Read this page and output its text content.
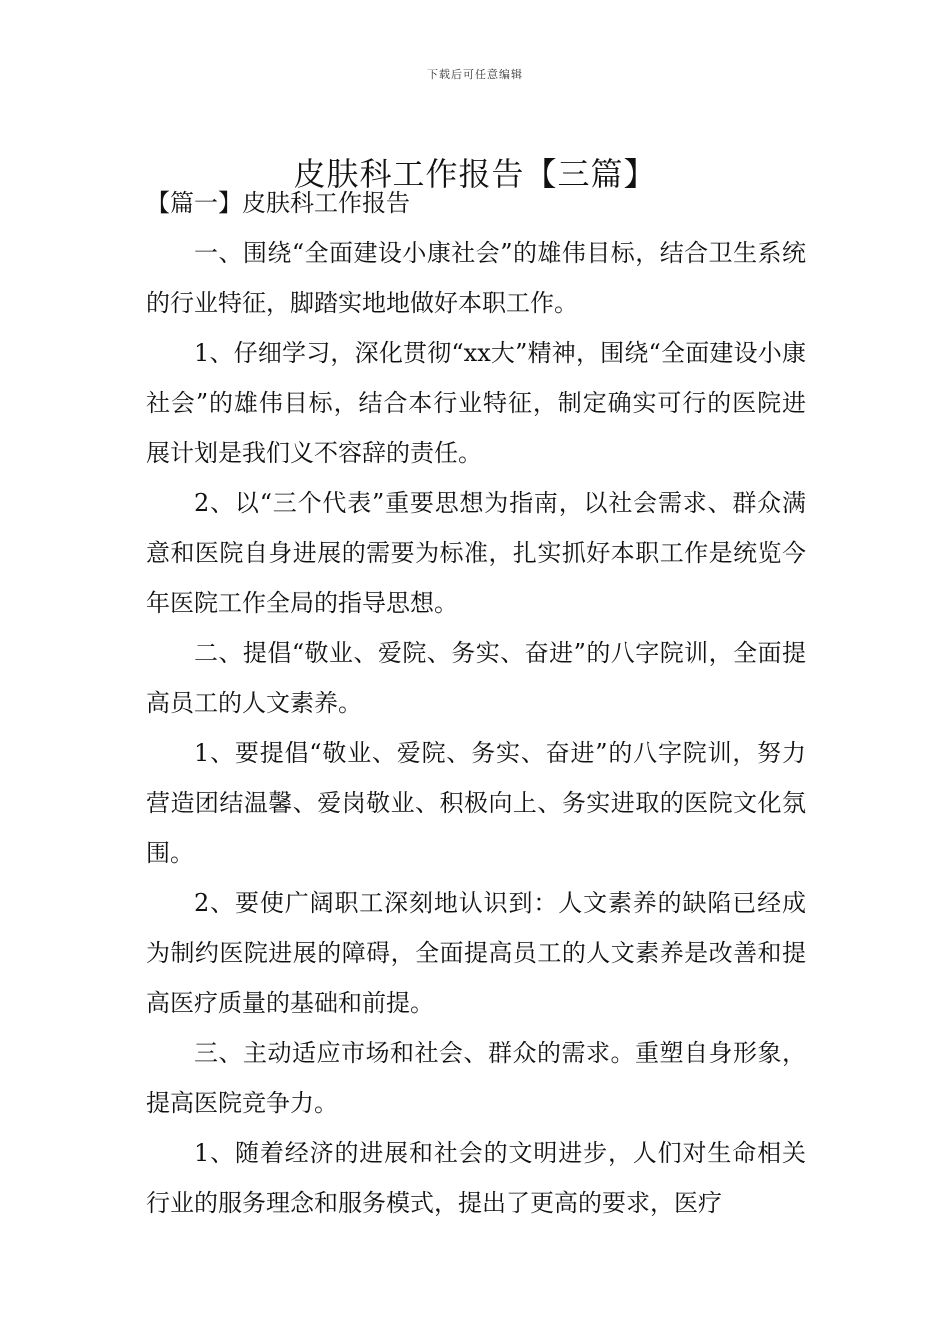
下载后可任意编辑
皮肤科工作报告【三篇】

【篇一】皮肤科工作报告

一、围绕“全面建设小康社会”的雄伟目标，结合卫生系统的行业特征，脚踏实地地做好本职工作。

1、仔细学习，深化贯彻“xx大”精神，围绕“全面建设小康社会”的雄伟目标，结合本行业特征，制定确实可行的医院进展计划是我们义不容辞的责任。

2、以“三个代表”重要思想为指南，以社会需求、群众满意和医院自身进展的需要为标准，扎实抓好本职工作是统览今年医院工作全局的指导思想。

二、提倡“敬业、爱院、务实、奋进”的八字院训，全面提高员工的人文素养。

1、要提倡“敬业、爱院、务实、奋进”的八字院训，努力营造团结温馨、爱岗敬业、积极向上、务实进取的医院文化氛围。

2、要使广阔职工深刻地认识到：人文素养的缺陷已经成为制约医院进展的障碍，全面提高员工的人文素养是改善和提高医疗质量的基础和前提。

三、主动适应市场和社会、群众的需求。重塑自身形象，提高医院竞争力。

1、随着经济的进展和社会的文明进步，人们对生命相关行业的服务理念和服务模式，提出了更高的要求，医疗
